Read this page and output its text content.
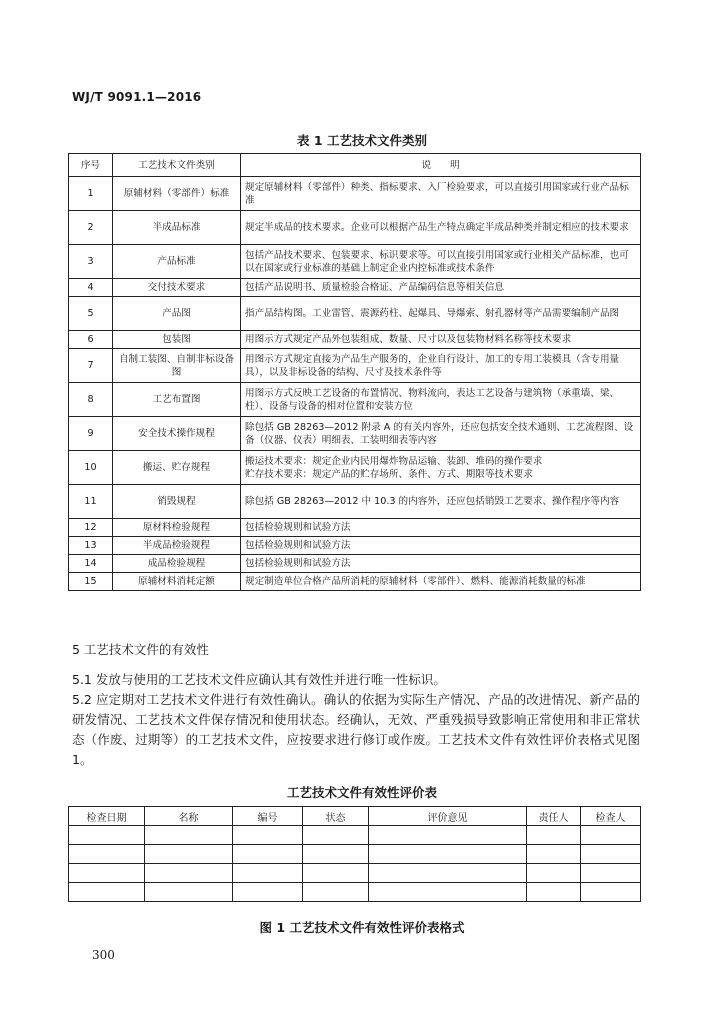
WJ/T 9091.1—2016
表 1 工艺技术文件类别
序号	工艺技术文件类别	说　　明
1	原辅材料（零部件）标准	规定原辅材料（零部件）种类、指标要求、入厂检验要求，可以直接引用国家或行业产品标准
2	半成品标准	规定半成品的技术要求。企业可以根据产品生产特点确定半成品种类并制定相应的技术要求
3	产品标准	包括产品技术要求、包装要求、标识要求等。可以直接引用国家或行业相关产品标准，也可以在国家或行业标准的基础上制定企业内控标准或技术条件
4	交付技术要求	包括产品说明书、质量检验合格证、产品编码信息等相关信息
5	产品图	指产品结构图。工业雷管、震源药柱、起爆具、导爆索、射孔器材等产品需要编制产品图
6	包装图	用图示方式规定产品外包装组成、数量、尺寸以及包装物材料名称等技术要求
7	自制工装图、自制非标设备图	用图示方式规定直接为产品生产服务的，企业自行设计、加工的专用工装模具（含专用量具），以及非标设备的结构、尺寸及技术条件等
8	工艺布置图	用图示方式反映工艺设备的布置情况、物料流向，表达工艺设备与建筑物（承重墙、梁、柱）、设备与设备的相对位置和安装方位
9	安全技术操作规程	除包括 GB 28263—2012 附录 A 的有关内容外，还应包括安全技术通则、工艺流程图、设备（仪器、仪表）明细表、工装明细表等内容
10	搬运、贮存规程	搬运技术要求：规定企业内民用爆炸物品运输、装卸、堆码的操作要求
贮存技术要求：规定产品的贮存场所、条件、方式、期限等技术要求
11	销毁规程	除包括 GB 28263—2012 中 10.3 的内容外，还应包括销毁工艺要求、操作程序等内容
12	原材料检验规程	包括检验规则和试验方法
13	半成品检验规程	包括检验规则和试验方法
14	成品检验规程	包括检验规则和试验方法
15	原辅材料消耗定额	规定制造单位合格产品所消耗的原辅材料（零部件）、燃料、能源消耗数量的标准
5 工艺技术文件的有效性
5.1 发放与使用的工艺技术文件应确认其有效性并进行唯一性标识。
5.2 应定期对工艺技术文件进行有效性确认。确认的依据为实际生产情况、产品的改进情况、新产品的研发情况、工艺技术文件保存情况和使用状态。经确认，无效、严重残损导致影响正常使用和非正常状态（作废、过期等）的工艺技术文件，应按要求进行修订或作废。工艺技术文件有效性评价表格式见图 1。
工艺技术文件有效性评价表
检查日期	名称	编号	状态	评价意见	责任人	检查人

图 1 工艺技术文件有效性评价表格式
300
